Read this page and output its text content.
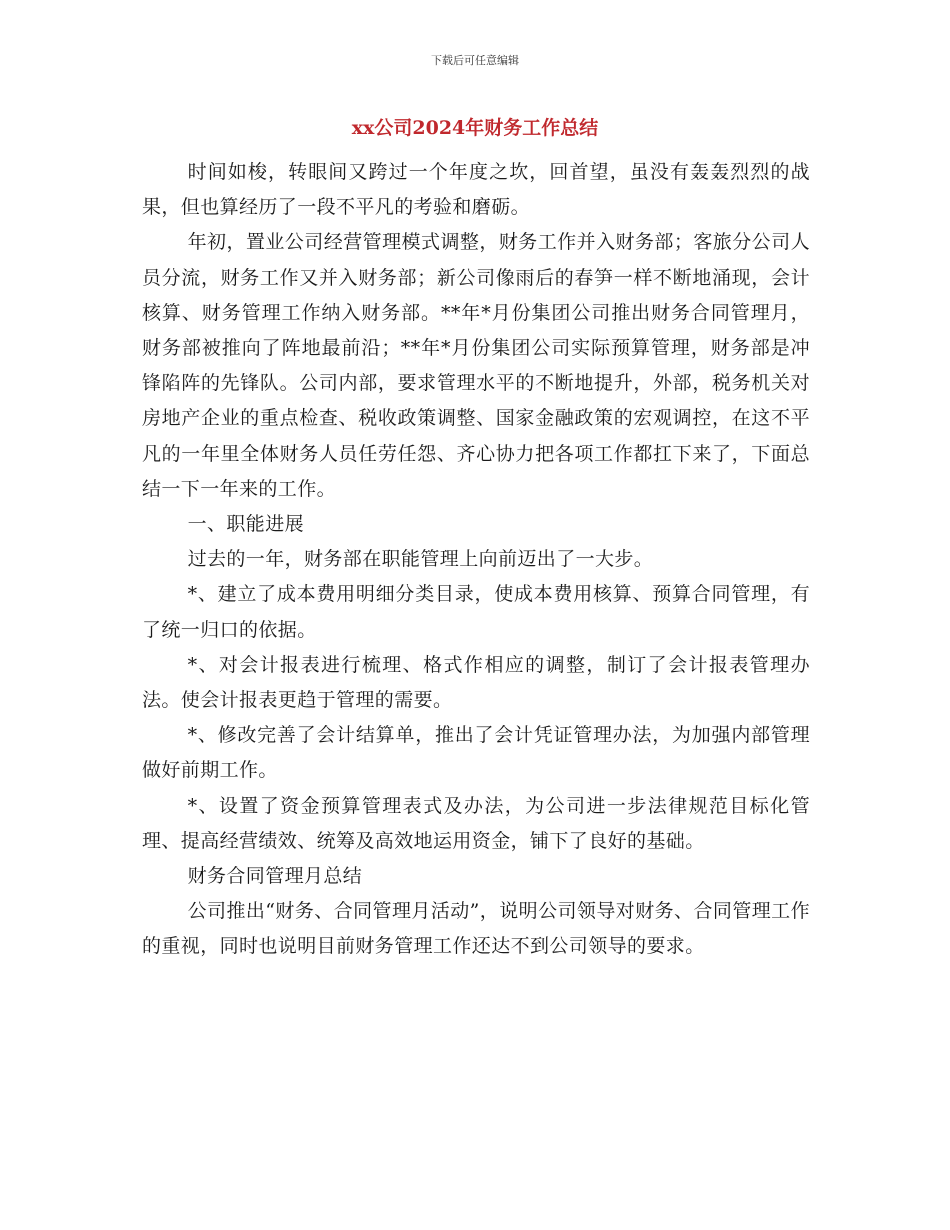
下载后可任意编辑
xx公司2024年财务工作总结

时间如梭，转眼间又跨过一个年度之坎，回首望，虽没有轰轰烈烈的战果，但也算经历了一段不平凡的考验和磨砺。

年初，置业公司经营管理模式调整，财务工作并入财务部；客旅分公司人员分流，财务工作又并入财务部；新公司像雨后的春笋一样不断地涌现，会计核算、财务管理工作纳入财务部。**年*月份集团公司推出财务合同管理月，财务部被推向了阵地最前沿；**年*月份集团公司实际预算管理，财务部是冲锋陷阵的先锋队。公司内部，要求管理水平的不断地提升，外部，税务机关对房地产企业的重点检查、税收政策调整、国家金融政策的宏观调控，在这不平凡的一年里全体财务人员任劳任怨、齐心协力把各项工作都扛下来了，下面总结一下一年来的工作。

一、职能进展

过去的一年，财务部在职能管理上向前迈出了一大步。

*、建立了成本费用明细分类目录，使成本费用核算、预算合同管理，有了统一归口的依据。

*、对会计报表进行梳理、格式作相应的调整，制订了会计报表管理办法。使会计报表更趋于管理的需要。

*、修改完善了会计结算单，推出了会计凭证管理办法，为加强内部管理做好前期工作。

*、设置了资金预算管理表式及办法，为公司进一步法律规范目标化管理、提高经营绩效、统筹及高效地运用资金，铺下了良好的基础。

财务合同管理月总结

公司推出“财务、合同管理月活动”，说明公司领导对财务、合同管理工作的重视，同时也说明目前财务管理工作还达不到公司领导的要求。
